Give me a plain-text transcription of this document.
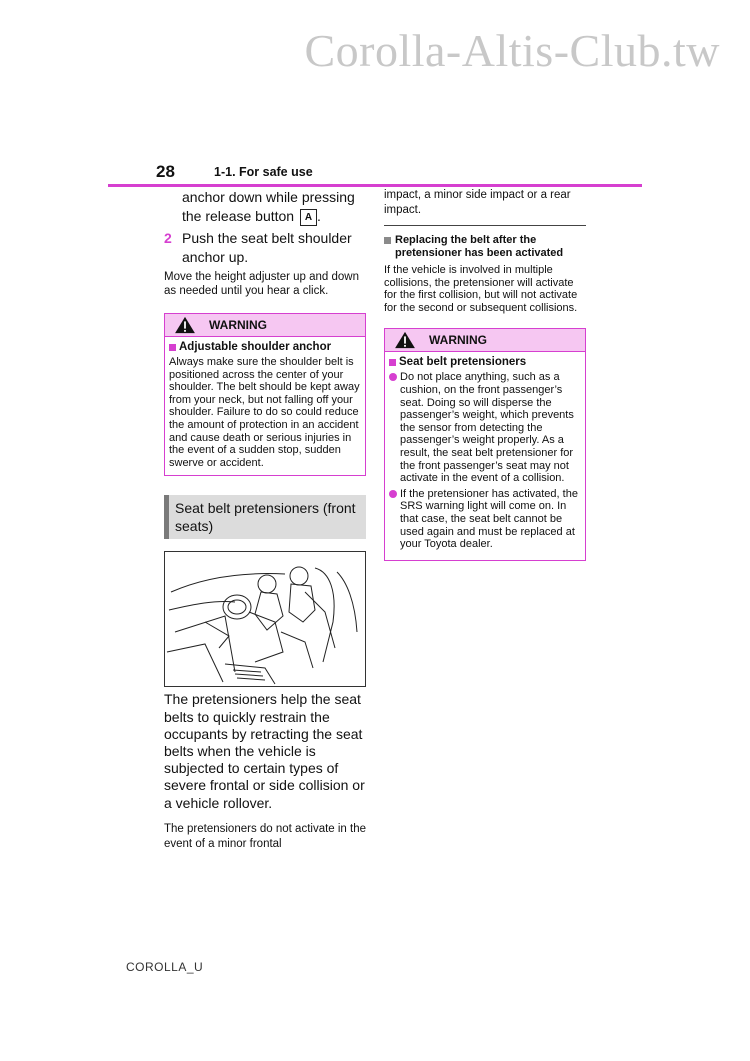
Corolla-Altis-Club.tw
28	1-1. For safe use
anchor down while pressing
the release button A .
2 Push the seat belt shoulder anchor up.
Move the height adjuster up and down as needed until you hear a click.
WARNING
Adjustable shoulder anchor
Always make sure the shoulder belt is positioned across the center of your shoulder. The belt should be kept away from your neck, but not falling off your shoulder. Failure to do so could reduce the amount of protection in an accident and cause death or serious injuries in the event of a sudden stop, sudden swerve or accident.
Seat belt pretensioners (front seats)
The pretensioners help the seat belts to quickly restrain the occupants by retracting the seat belts when the vehicle is subjected to certain types of severe frontal or side collision or a vehicle rollover.
The pretensioners do not activate in the event of a minor frontal
impact, a minor side impact or a rear impact.
Replacing the belt after the pretensioner has been activated
If the vehicle is involved in multiple collisions, the pretensioner will activate for the first collision, but will not activate for the second or subsequent collisions.
WARNING
Seat belt pretensioners
Do not place anything, such as a cushion, on the front passenger’s seat. Doing so will disperse the passenger’s weight, which prevents the sensor from detecting the passenger’s weight properly. As a result, the seat belt pretensioner for the front passenger’s seat may not activate in the event of a collision.
If the pretensioner has activated, the SRS warning light will come on. In that case, the seat belt cannot be used again and must be replaced at your Toyota dealer.
COROLLA_U
